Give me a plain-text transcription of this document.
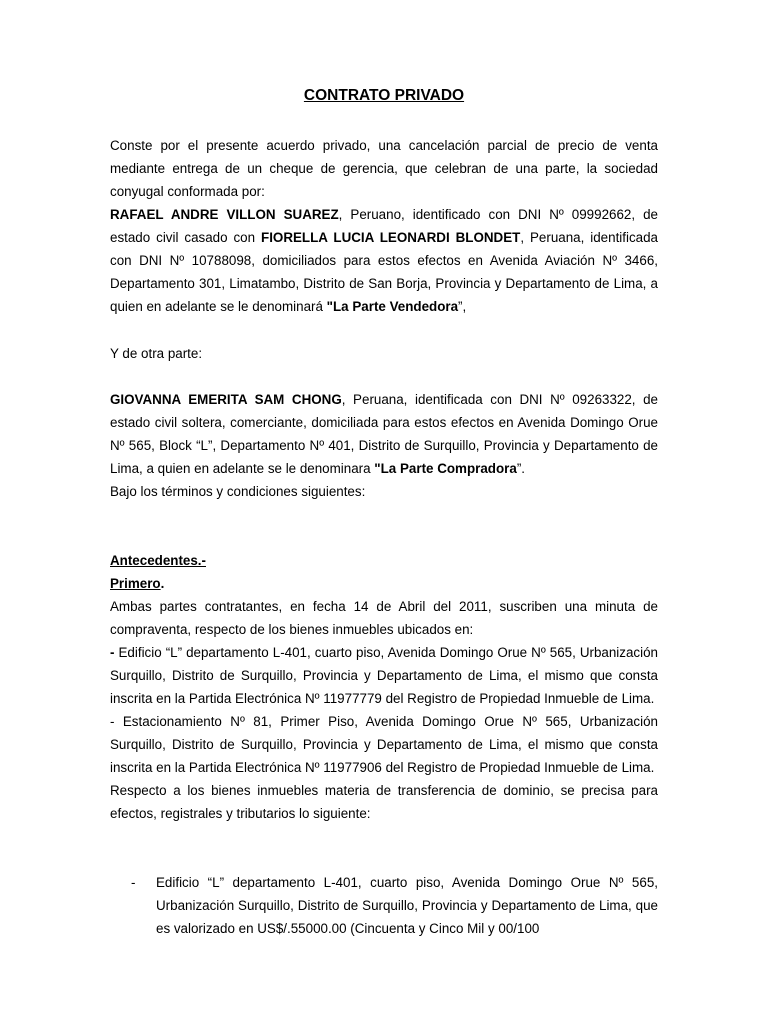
CONTRATO PRIVADO
Conste por el presente acuerdo privado, una cancelación parcial de precio de venta mediante entrega de un cheque de gerencia, que celebran de una parte, la sociedad conyugal conformada por:
RAFAEL ANDRE VILLON SUAREZ, Peruano, identificado con DNI Nº 09992662, de estado civil casado con FIORELLA LUCIA LEONARDI BLONDET, Peruana, identificada con DNI Nº 10788098, domiciliados para estos efectos en Avenida Aviación Nº 3466, Departamento 301, Limatambo, Distrito de San Borja, Provincia y Departamento de Lima, a quien en adelante se le denominará "La Parte Vendedora”,
Y de otra parte:
GIOVANNA EMERITA SAM CHONG, Peruana, identificada con DNI Nº 09263322, de estado civil soltera, comerciante, domiciliada para estos efectos en Avenida Domingo Orue Nº 565, Block “L”, Departamento Nº 401, Distrito de Surquillo, Provincia y Departamento de Lima, a quien en adelante se le denominara "La Parte Compradora”.
Bajo los términos y condiciones siguientes:
Antecedentes.-
Primero.
Ambas partes contratantes, en fecha 14 de Abril del 2011, suscriben una minuta de compraventa, respecto de los bienes inmuebles ubicados en:
- Edificio “L” departamento L-401, cuarto piso, Avenida Domingo Orue Nº 565, Urbanización Surquillo, Distrito de Surquillo, Provincia y Departamento de Lima, el mismo que consta inscrita en la Partida Electrónica Nº 11977779 del Registro de Propiedad Inmueble de Lima.
- Estacionamiento Nº 81, Primer Piso, Avenida Domingo Orue Nº 565, Urbanización Surquillo, Distrito de Surquillo, Provincia y Departamento de Lima, el mismo que consta inscrita en la Partida Electrónica Nº 11977906 del Registro de Propiedad Inmueble de Lima.
Respecto a los bienes inmuebles materia de transferencia de dominio, se precisa para efectos, registrales y tributarios lo siguiente:
- Edificio “L” departamento L-401, cuarto piso, Avenida Domingo Orue Nº 565, Urbanización Surquillo, Distrito de Surquillo, Provincia y Departamento de Lima, que es valorizado en US$/.55000.00 (Cincuenta y Cinco Mil y 00/100
